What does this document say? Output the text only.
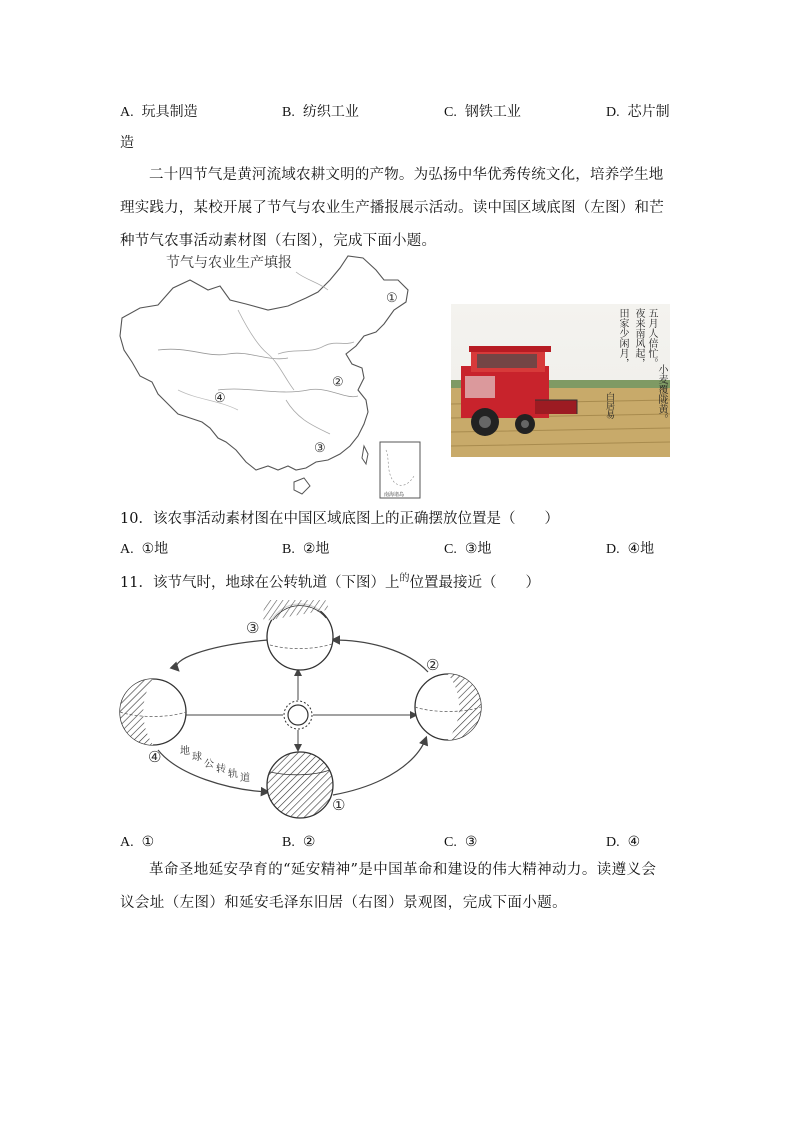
A. 玩具制造	B. 纺织工业	C. 钢铁工业	D. 芯片制
造
二十四节气是黄河流域农耕文明的产物。为弘扬中华优秀传统文化，培养学生地理实践力，某校开展了节气与农业生产播报展示活动。读中国区域底图（左图）和芒种节气农事活动素材图（右图），完成下面小题。
节气与农业生产填报
①
②
③
④
南海诸岛
田家少闲月， 夜来南风起， 五月人倍忙。
小麦覆陇黄。
白居易
10．该农事活动素材图在中国区域底图上的正确摆放位置是（　　）
A. ①地	B. ②地	C. ③地	D. ④地
11．该节气时，地球在公转轨道（下图）上$^的$位置最接近（　　）
③
②
④
①
地
球
公 转 轨 道
A. ①	B. ②	C. ③	D. ④
革命圣地延安孕育的“延安精神”是中国革命和建设的伟大精神动力。读遵义会议会址（左图）和延安毛泽东旧居（右图）景观图，完成下面小题。
